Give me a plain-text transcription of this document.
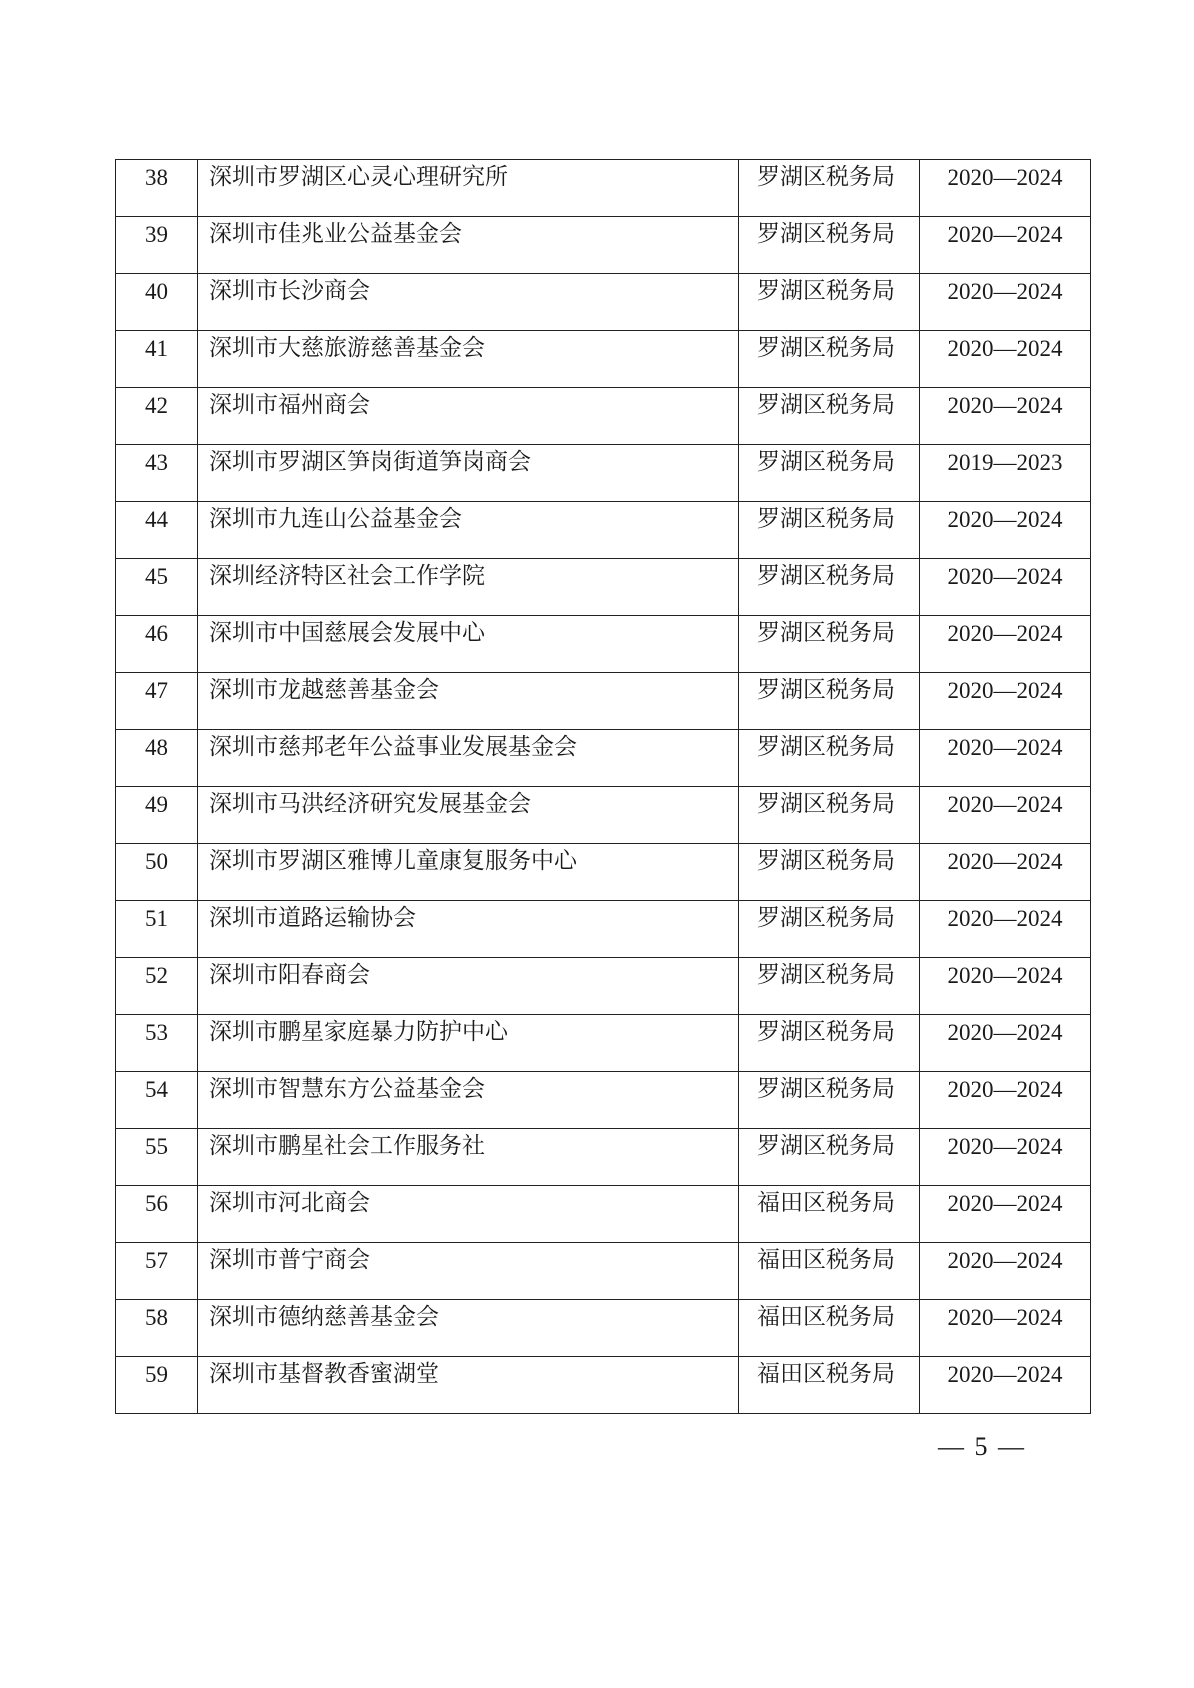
38	深圳市罗湖区心灵心理研究所	罗湖区税务局	2020—2024

39	深圳市佳兆业公益基金会	罗湖区税务局	2020—2024

40	深圳市长沙商会	罗湖区税务局	2020—2024

41	深圳市大慈旅游慈善基金会	罗湖区税务局	2020—2024

42	深圳市福州商会	罗湖区税务局	2020—2024

43	深圳市罗湖区笋岗街道笋岗商会	罗湖区税务局	2019—2023

44	深圳市九连山公益基金会	罗湖区税务局	2020—2024

45	深圳经济特区社会工作学院	罗湖区税务局	2020—2024

46	深圳市中国慈展会发展中心	罗湖区税务局	2020—2024

47	深圳市龙越慈善基金会	罗湖区税务局	2020—2024

48	深圳市慈邦老年公益事业发展基金会	罗湖区税务局	2020—2024

49	深圳市马洪经济研究发展基金会	罗湖区税务局	2020—2024

50	深圳市罗湖区雅博儿童康复服务中心	罗湖区税务局	2020—2024

51	深圳市道路运输协会	罗湖区税务局	2020—2024

52	深圳市阳春商会	罗湖区税务局	2020—2024

53	深圳市鹏星家庭暴力防护中心	罗湖区税务局	2020—2024

54	深圳市智慧东方公益基金会	罗湖区税务局	2020—2024

55	深圳市鹏星社会工作服务社	罗湖区税务局	2020—2024

56	深圳市河北商会	福田区税务局	2020—2024

57	深圳市普宁商会	福田区税务局	2020—2024

58	深圳市德纳慈善基金会	福田区税务局	2020—2024

59	深圳市基督教香蜜湖堂	福田区税务局	2020—2024
— 5 —
